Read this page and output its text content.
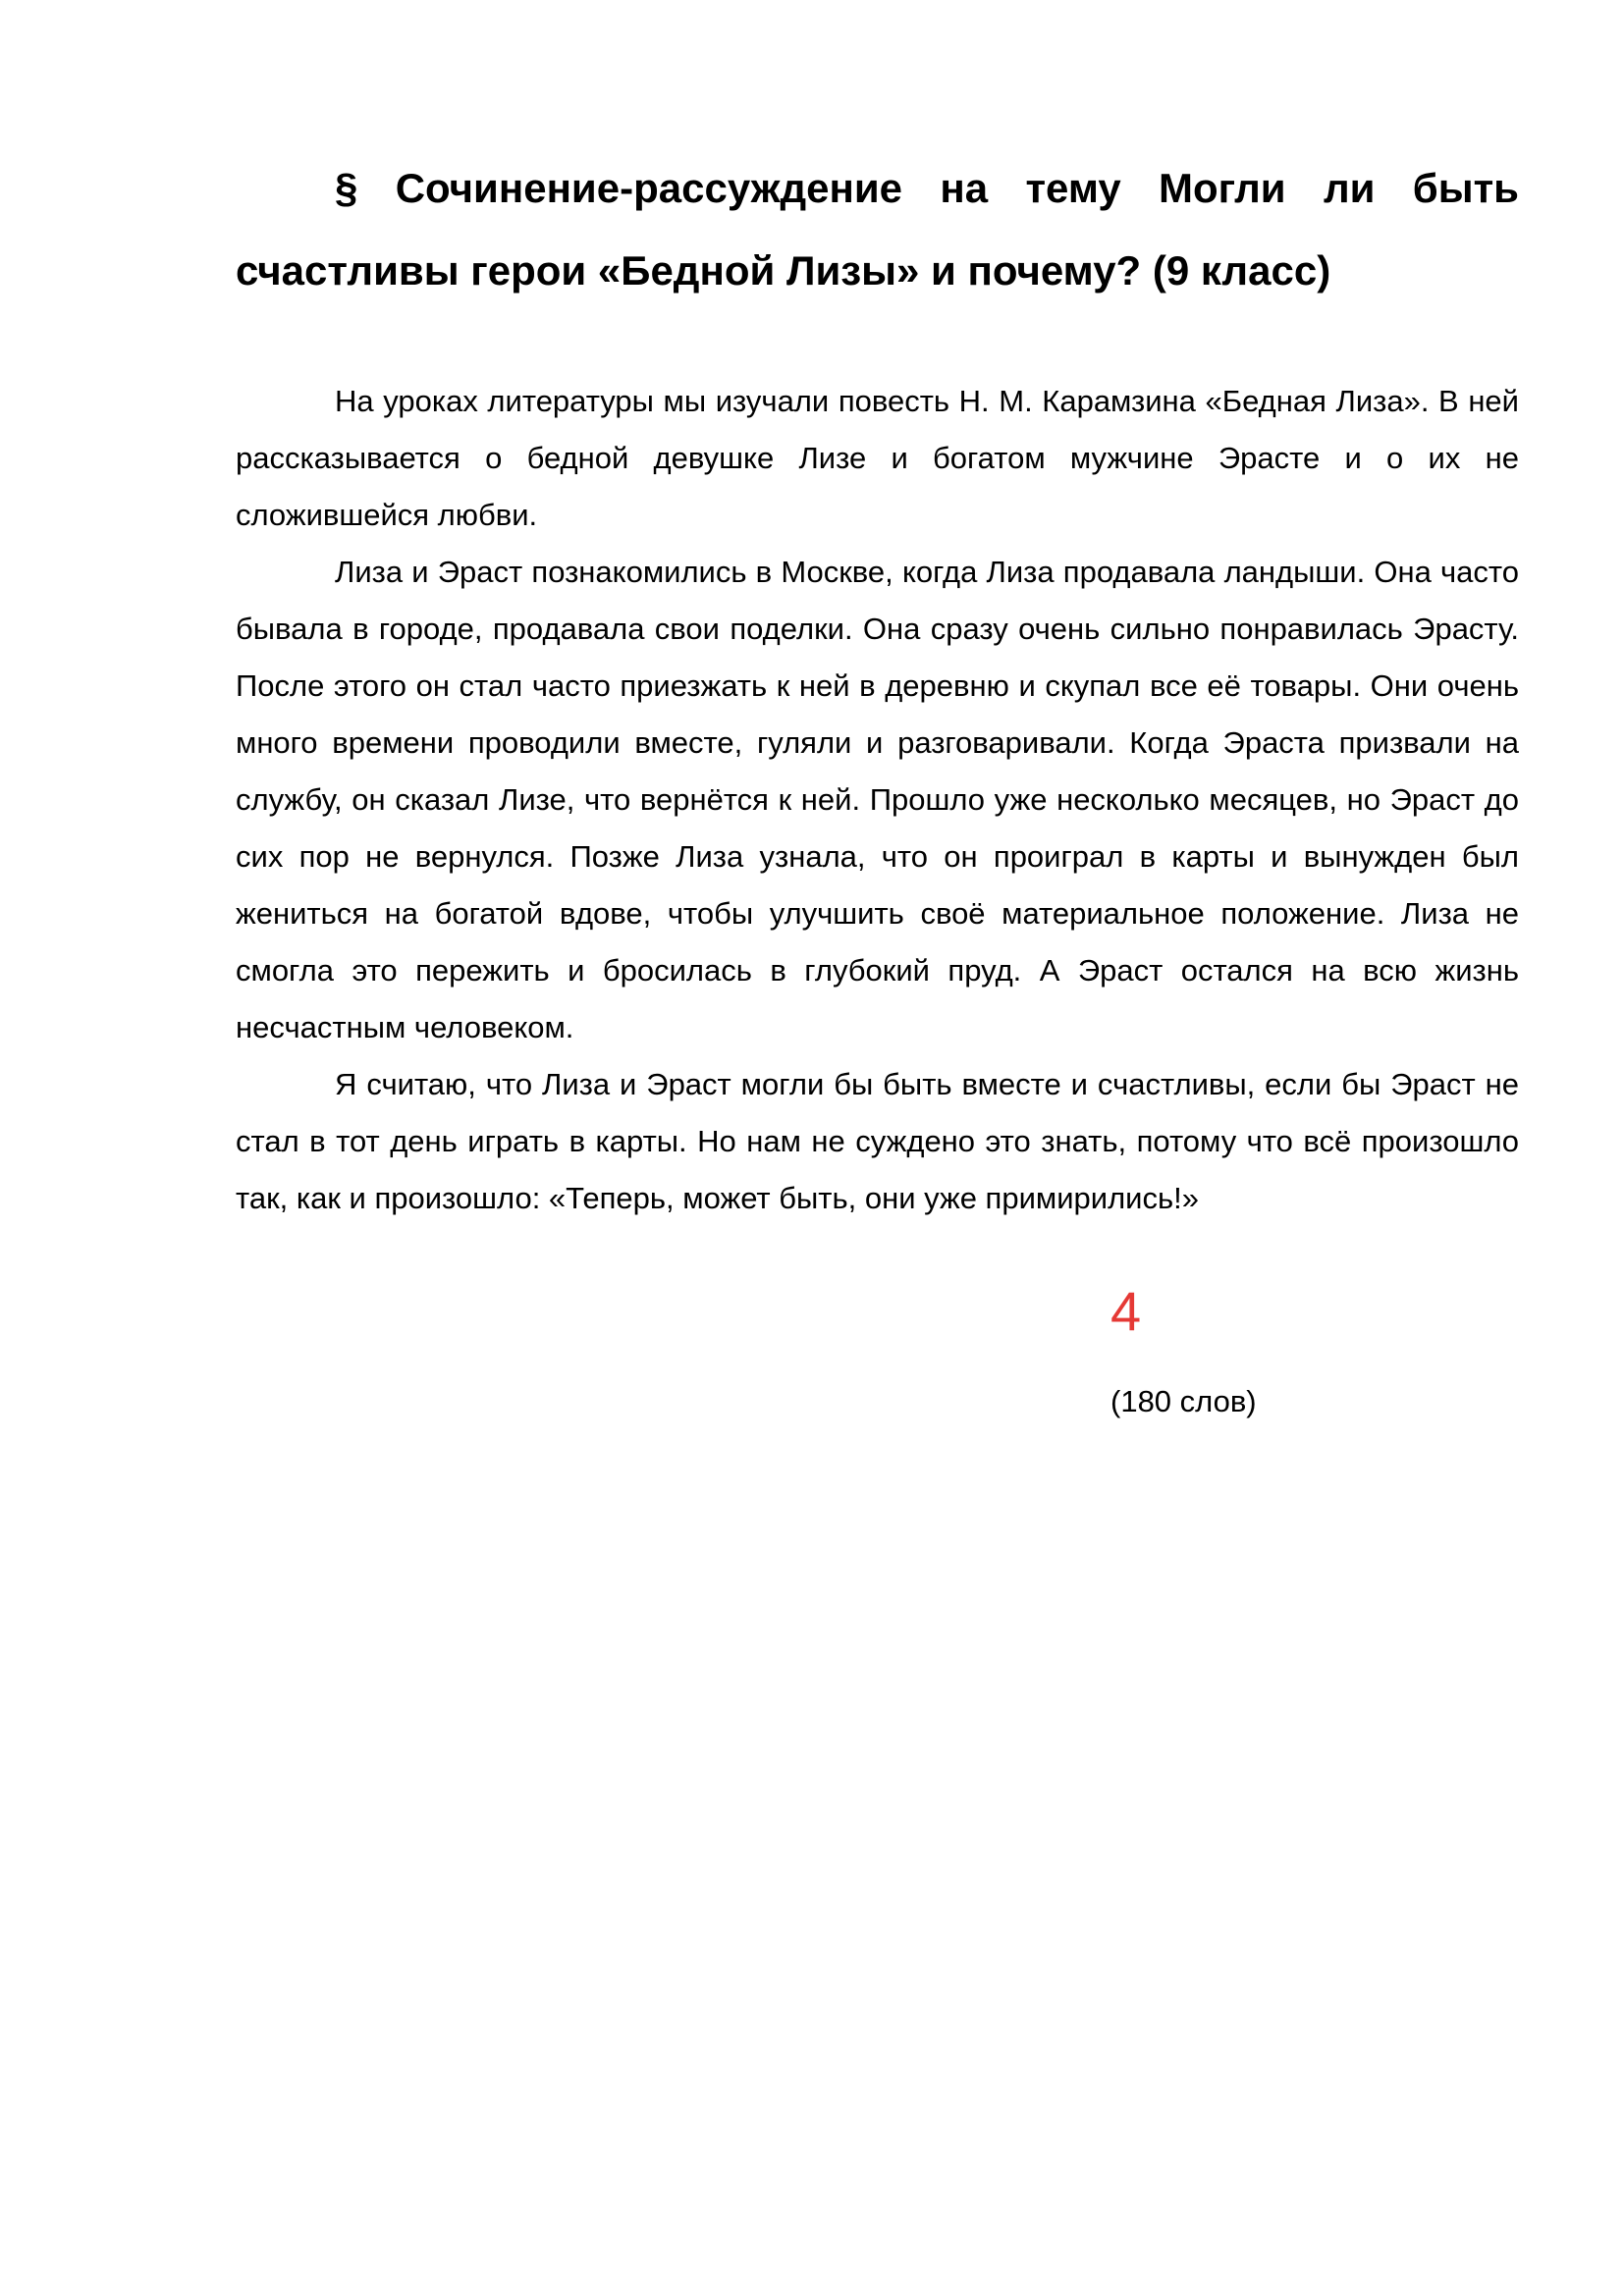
§ Сочинение-рассуждение на тему Могли ли быть счастливы герои «Бедной Лизы» и почему? (9 класс)

На уроках литературы мы изучали повесть Н. М. Карамзина «Бедная Лиза». В ней рассказывается о бедной девушке Лизе и богатом мужчине Эрасте и о их не сложившейся любви.

Лиза и Эраст познакомились в Москве, когда Лиза продавала ландыши. Она часто бывала в городе, продавала свои поделки. Она сразу очень сильно понравилась Эрасту. После этого он стал часто приезжать к ней в деревню и скупал все её товары. Они очень много времени проводили вместе, гуляли и разговаривали. Когда Эраста призвали на службу, он сказал Лизе, что вернётся к ней. Прошло уже несколько месяцев, но Эраст до сих пор не вернулся. Позже Лиза узнала, что он проиграл в карты и вынужден был жениться на богатой вдове, чтобы улучшить своё материальное положение. Лиза не смогла это пережить и бросилась в глубокий пруд. А Эраст остался на всю жизнь несчастным человеком.

Я считаю, что Лиза и Эраст могли бы быть вместе и счастливы, если бы Эраст не стал в тот день играть в карты. Но нам не суждено это знать, потому что всё произошло так, как и произошло: «Теперь, может быть, они уже примирились!»

4
(180 слов)
